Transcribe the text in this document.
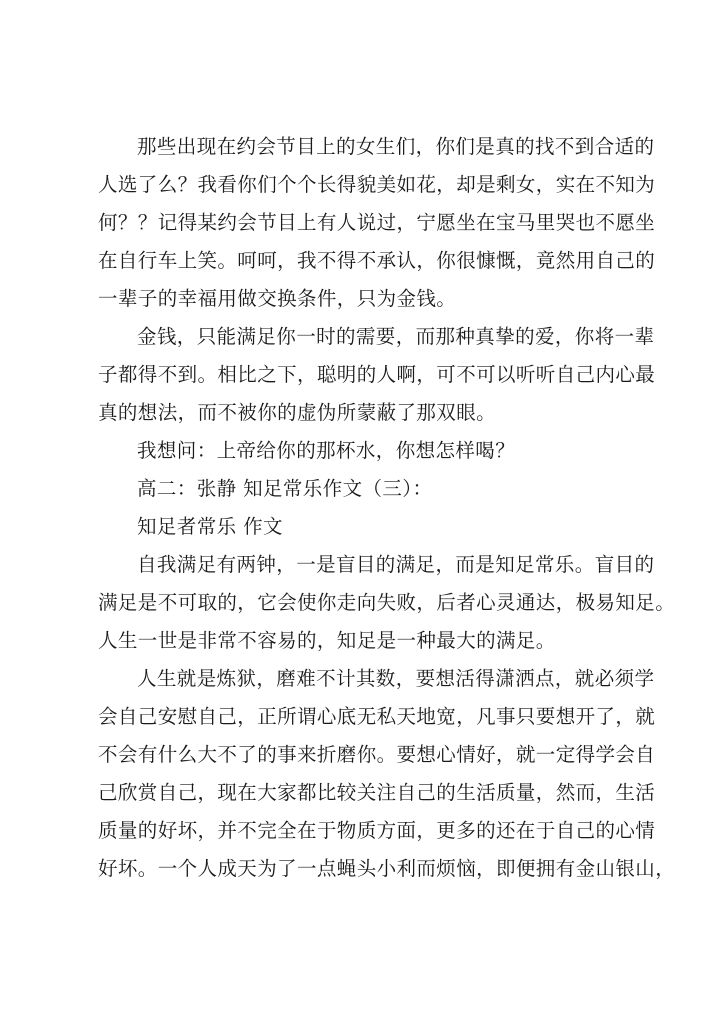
那些出现在约会节目上的女生们，你们是真的找不到合适的
人选了么？我看你们个个长得貌美如花，却是剩女，实在不知为
何？？记得某约会节目上有人说过，宁愿坐在宝马里哭也不愿坐
在自行车上笑。呵呵，我不得不承认，你很慷慨，竟然用自己的
一辈子的幸福用做交换条件，只为金钱。
金钱，只能满足你一时的需要，而那种真挚的爱，你将一辈
子都得不到。相比之下，聪明的人啊，可不可以听听自己内心最
真的想法，而不被你的虚伪所蒙蔽了那双眼。
我想问：上帝给你的那杯水，你想怎样喝？
高二：张静 知足常乐作文（三）：
知足者常乐 作文
自我满足有两钟，一是盲目的满足，而是知足常乐。盲目的
满足是不可取的，它会使你走向失败，后者心灵通达，极易知足。
人生一世是非常不容易的，知足是一种最大的满足。
人生就是炼狱，磨难不计其数，要想活得潇洒点，就必须学
会自己安慰自己，正所谓心底无私天地宽，凡事只要想开了，就
不会有什么大不了的事来折磨你。要想心情好，就一定得学会自
己欣赏自己，现在大家都比较关注自己的生活质量，然而，生活
质量的好坏，并不完全在于物质方面，更多的还在于自己的心情
好坏。一个人成天为了一点蝇头小利而烦恼，即便拥有金山银山，
